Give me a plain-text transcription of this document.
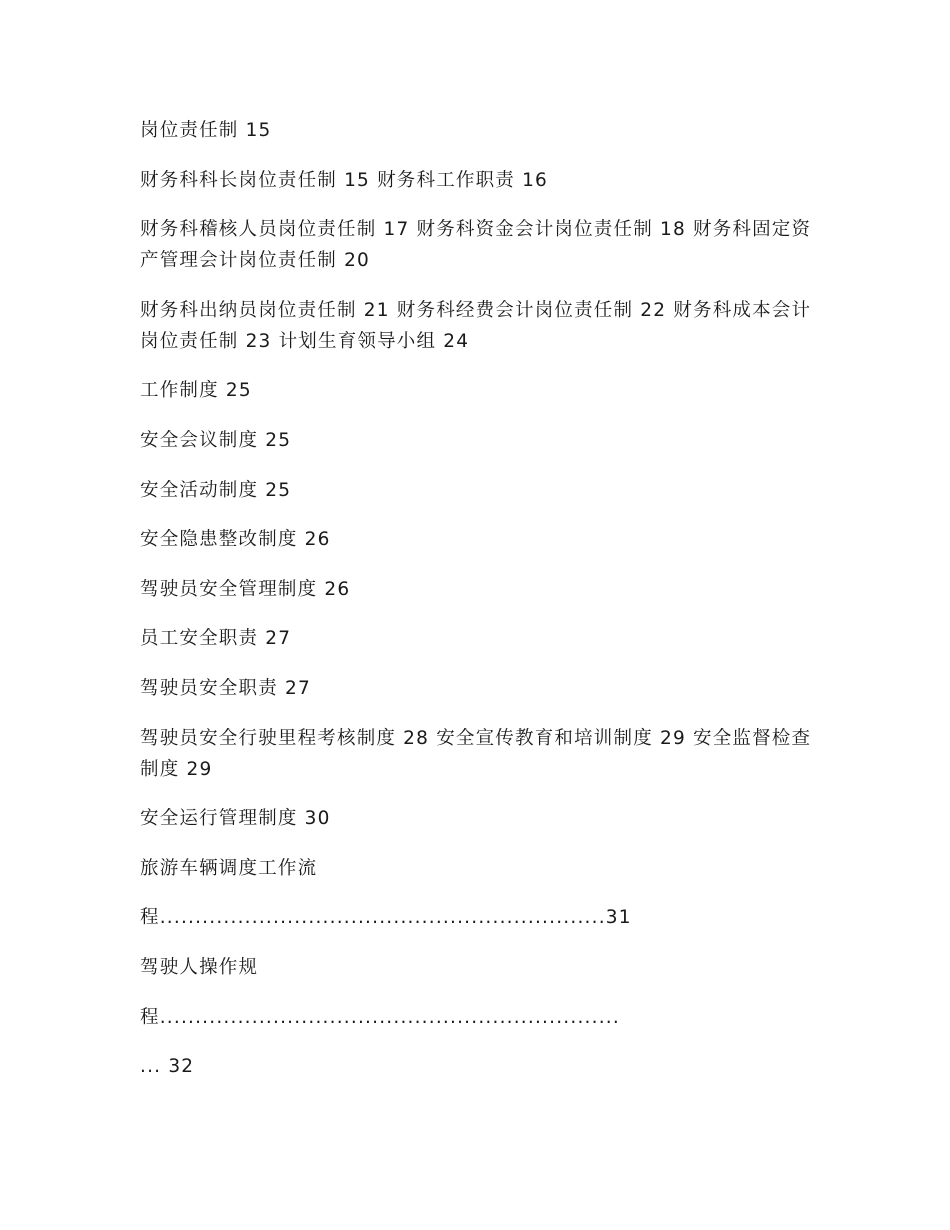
岗位责任制 15
财务科科长岗位责任制 15 财务科工作职责 16
财务科稽核人员岗位责任制 17 财务科资金会计岗位责任制 18 财务科固定资产管理会计岗位责任制 20
财务科出纳员岗位责任制 21 财务科经费会计岗位责任制 22 财务科成本会计岗位责任制 23 计划生育领导小组 24
工作制度 25
安全会议制度 25
安全活动制度 25
安全隐患整改制度 26
驾驶员安全管理制度 26
员工安全职责 27
驾驶员安全职责 27
驾驶员安全行驶里程考核制度 28 安全宣传教育和培训制度 29 安全监督检查制度 29
安全运行管理制度 30
旅游车辆调度工作流
程...............................................................31
驾驶人操作规
程.................................................................
... 32
